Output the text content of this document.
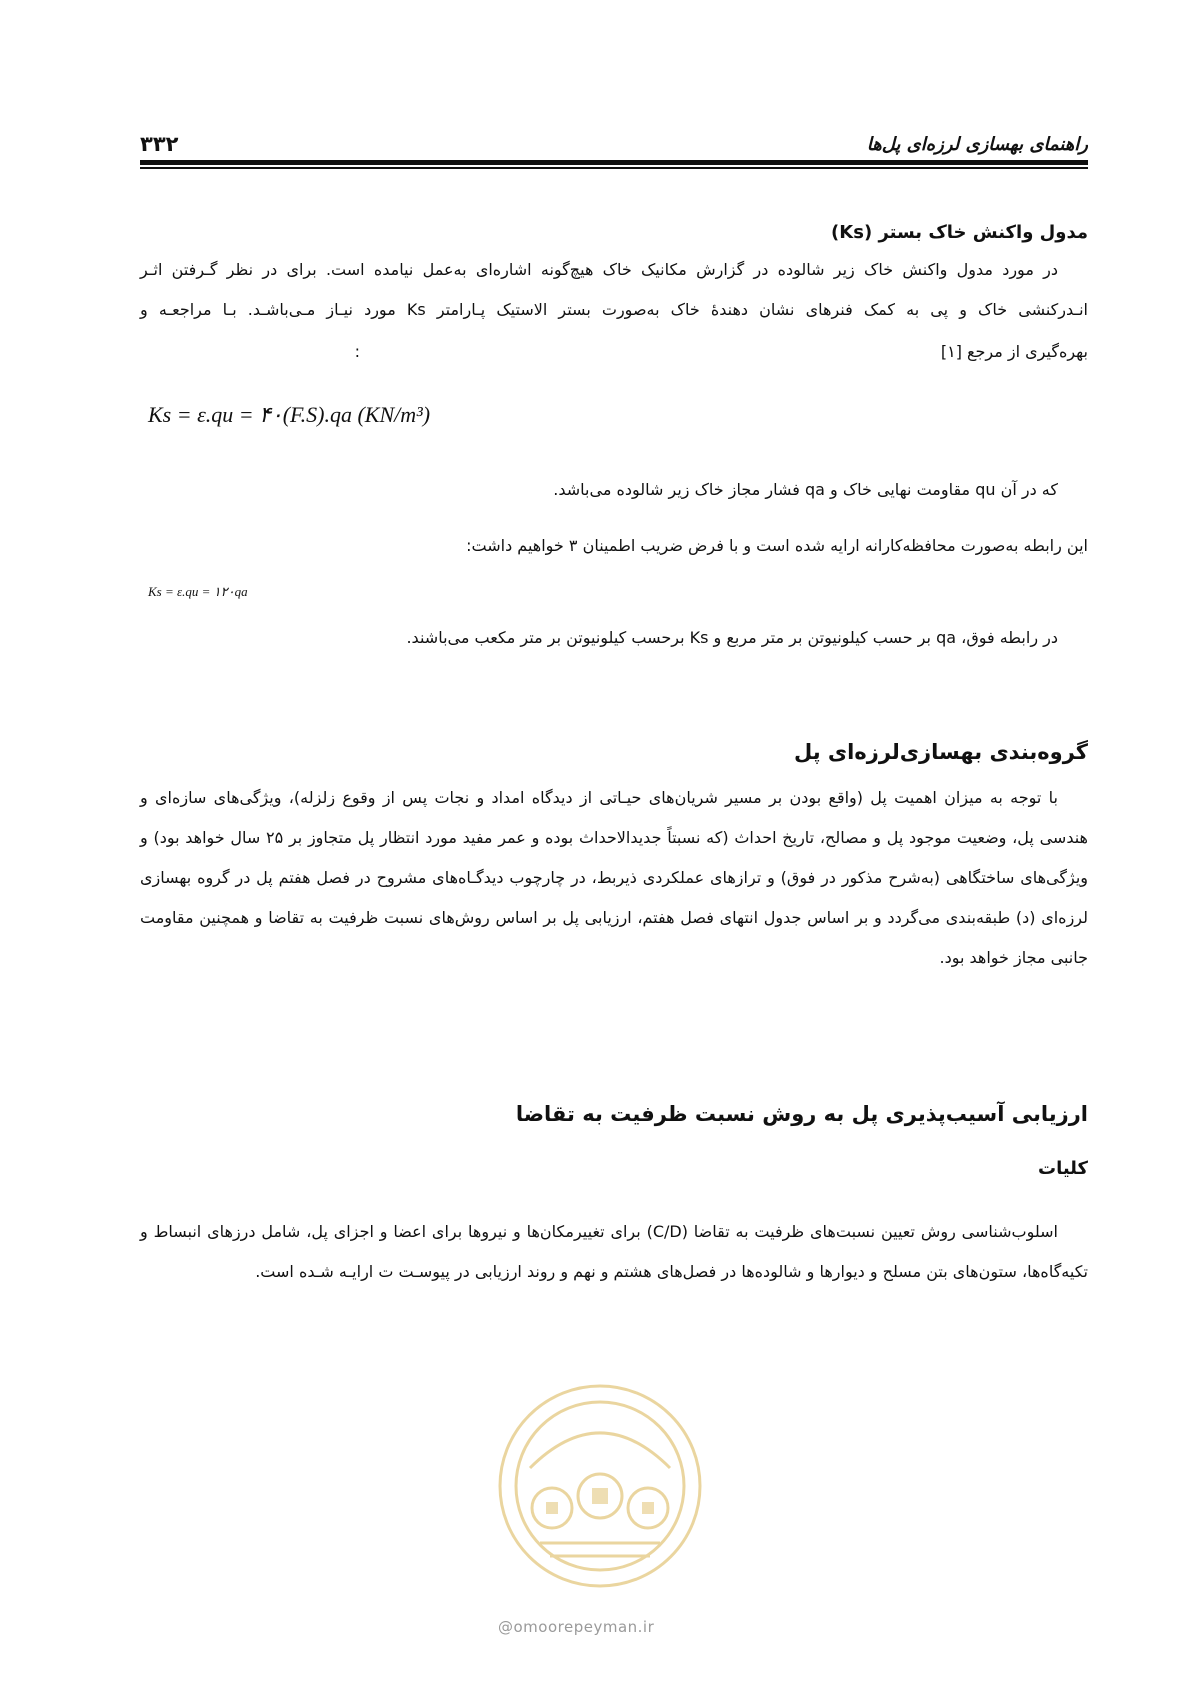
۳۳۲	راهنمای بهسازی لرزه‌ای پل‌ها
مدول واکنش خاک بستر (Ks)
در مورد مدول واکنش خاک زیر شالوده در گزارش مکانیک خاک هیچ‌گونه اشاره‌ای به‌عمل نیامده است. برای در نظر گـرفتن اثـر
انـدرکنشی خاک و پی به کمک فنرهای نشان دهندهٔ خاک به‌صورت بستر الاستیک پـارامتر Ks مورد نیـاز مـی‌باشـد. بـا مراجعـه و
بهره‌گیری از مرجع [۱]
:
Ks = ε.qu = ۴۰(F.S).qa (KN/m³)
که در آن qu مقاومت نهایی خاک و qa فشار مجاز خاک زیر شالوده می‌باشد.
این رابطه به‌صورت محافظه‌کارانه ارایه شده است و با فرض ضریب اطمینان ۳ خواهیم داشت:
Ks = ε.qu = ۱۲۰qa
در رابطه فوق، qa بر حسب کیلونیوتن بر متر مربع و Ks برحسب کیلونیوتن بر متر مکعب می‌باشند.
گروه‌بندی بهسازی‌لرزه‌ای پل
با توجه به میزان اهمیت پل (واقع بودن بر مسیر شریان‌های حیـاتی از دیدگاه امداد و نجات پس از وقوع زلزله)، ویژگی‌های سازه‌ای و هندسی پل، وضعیت موجود پل و مصالح، تاریخ احداث (که نسبتاً جدیدالاحداث بوده و عمر مفید مورد انتظار پل متجاوز بر ۲۵ سال خواهد بود) و ویژگی‌های ساختگاهی (به‌شرح مذکور در فوق) و ترازهای عملکردی ذیربط، در چارچوب دیدگـاه‌های مشروح در فصل هفتم پل در گروه بهسازی لرزه‌ای (د) طبقه‌بندی می‌گردد و بر اساس جدول انتهای فصل هفتم، ارزیابی پل بر اساس روش‌های نسبت ظرفیت به تقاضا و همچنین مقاومت جانبی مجاز خواهد بود.
ارزیابی آسیب‌پذیری پل به روش نسبت ظرفیت به تقاضا
کلیات
اسلوب‌شناسی روش تعیین نسبت‌های ظرفیت به تقاضا (C/D) برای تغییرمکان‌ها و نیروها برای اعضا و اجزای پل، شامل درزهای انبساط و تکیه‌گاه‌ها، ستون‌های بتن مسلح و دیوارها و شالوده‌ها در فصل‌های هشتم و نهم و روند ارزیابی در پیوسـت ت ارایـه شـده است.
@omoorepeyman.ir
